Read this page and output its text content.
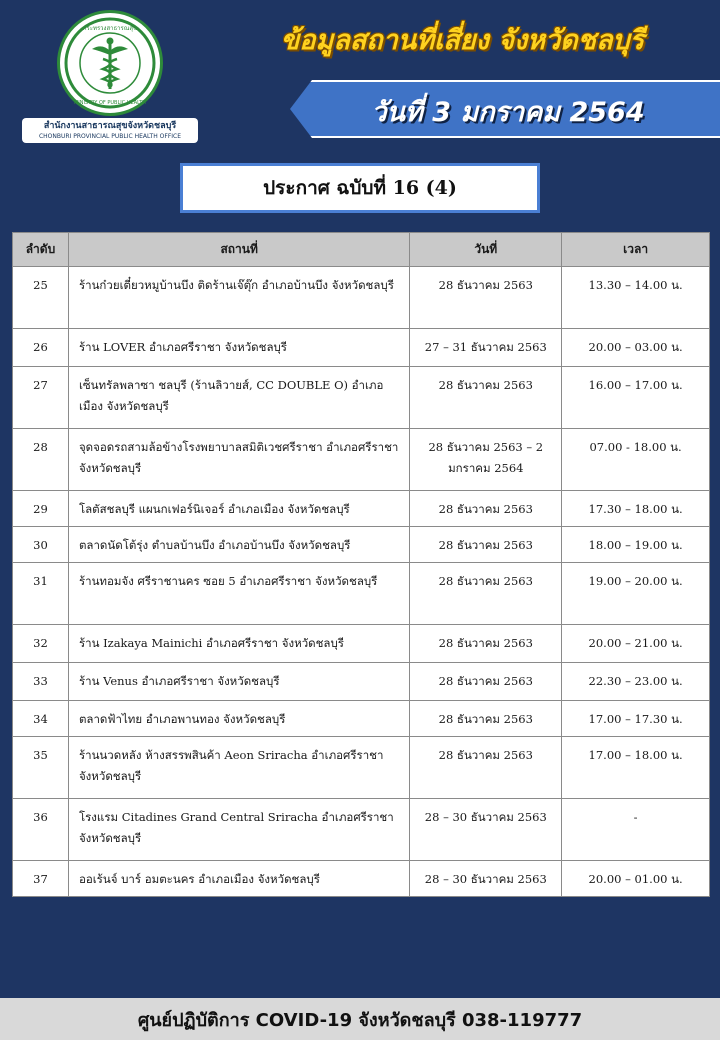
กระทรวงสาธารณสุข
MINISTRY OF PUBLIC HEALTH
สำนักงานสาธารณสุขจังหวัดชลบุรี
CHONBURI PROVINCIAL PUBLIC HEALTH OFFICE
ข้อมูลสถานที่เสี่ยง จังหวัดชลบุรี
วันที่ 3 มกราคม 2564
ประกาศ ฉบับที่ 16 (4)
ลำดับ	สถานที่	วันที่	เวลา
25	ร้านก๋วยเตี๋ยวหมูบ้านบึง ติดร้านเจ๊ตุ๊ก อำเภอบ้านบึง จังหวัดชลบุรี	28 ธันวาคม 2563	13.30 – 14.00 น.
26	ร้าน LOVER อำเภอศรีราชา จังหวัดชลบุรี	27 – 31 ธันวาคม 2563	20.00 – 03.00 น.
27	เซ็นทรัลพลาซา ชลบุรี (ร้านลิวายส์, CC DOUBLE O) อำเภอเมือง จังหวัดชลบุรี	28 ธันวาคม 2563	16.00 – 17.00 น.
28	จุดจอดรถสามล้อข้างโรงพยาบาลสมิติเวชศรีราชา อำเภอศรีราชา จังหวัดชลบุรี	28 ธันวาคม 2563 – 2 มกราคม 2564	07.00 - 18.00 น.
29	โลตัสชลบุรี แผนกเฟอร์นิเจอร์ อำเภอเมือง จังหวัดชลบุรี	28 ธันวาคม 2563	17.30 – 18.00 น.
30	ตลาดนัดโต้รุ่ง ตำบลบ้านบึง อำเภอบ้านบึง จังหวัดชลบุรี	28 ธันวาคม 2563	18.00 – 19.00 น.
31	ร้านทอมจัง ศรีราชานคร ซอย 5 อำเภอศรีราชา จังหวัดชลบุรี	28 ธันวาคม 2563	19.00 – 20.00 น.
32	ร้าน Izakaya Mainichi อำเภอศรีราชา จังหวัดชลบุรี	28 ธันวาคม 2563	20.00 – 21.00 น.
33	ร้าน Venus อำเภอศรีราชา จังหวัดชลบุรี	28 ธันวาคม 2563	22.30 – 23.00 น.
34	ตลาดฟ้าไทย อำเภอพานทอง จังหวัดชลบุรี	28 ธันวาคม 2563	17.00 – 17.30 น.
35	ร้านนวดหลัง ห้างสรรพสินค้า Aeon Sriracha อำเภอศรีราชา จังหวัดชลบุรี	28 ธันวาคม 2563	17.00 – 18.00 น.
36	โรงแรม Citadines Grand Central Sriracha อำเภอศรีราชา จังหวัดชลบุรี	28 – 30 ธันวาคม 2563	-
37	ออเร้นจ์ บาร์ อมตะนคร อำเภอเมือง จังหวัดชลบุรี	28 – 30 ธันวาคม 2563	20.00 – 01.00 น.
ศูนย์ปฏิบัติการ COVID-19 จังหวัดชลบุรี 038-119777
